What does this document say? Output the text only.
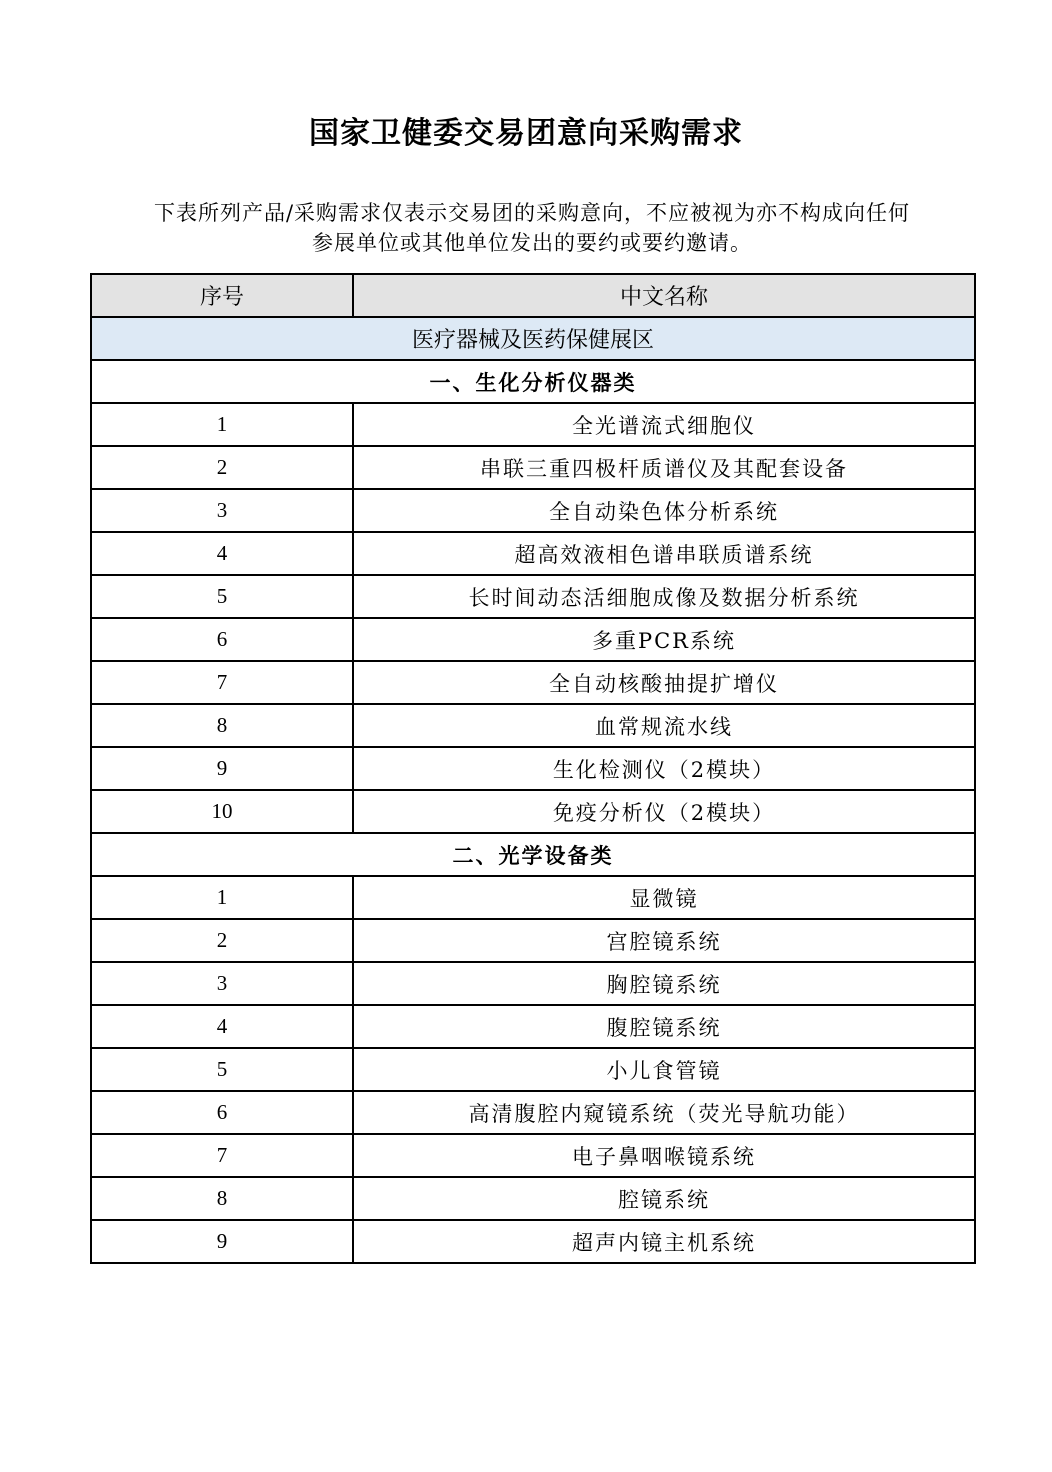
国家卫健委交易团意向采购需求
下表所列产品/采购需求仅表示交易团的采购意向，不应被视为亦不构成向任何
参展单位或其他单位发出的要约或要约邀请。
序号	中文名称
医疗器械及医药保健展区	
一、生化分析仪器类	
1	全光谱流式细胞仪
2	串联三重四极杆质谱仪及其配套设备
3	全自动染色体分析系统
4	超高效液相色谱串联质谱系统
5	长时间动态活细胞成像及数据分析系统
6	多重PCR系统
7	全自动核酸抽提扩增仪
8	血常规流水线
9	生化检测仪（2模块）
10	免疫分析仪（2模块）
二、光学设备类	
1	显微镜
2	宫腔镜系统
3	胸腔镜系统
4	腹腔镜系统
5	小儿食管镜
6	高清腹腔内窥镜系统（荧光导航功能）
7	电子鼻咽喉镜系统
8	腔镜系统
9	超声内镜主机系统
